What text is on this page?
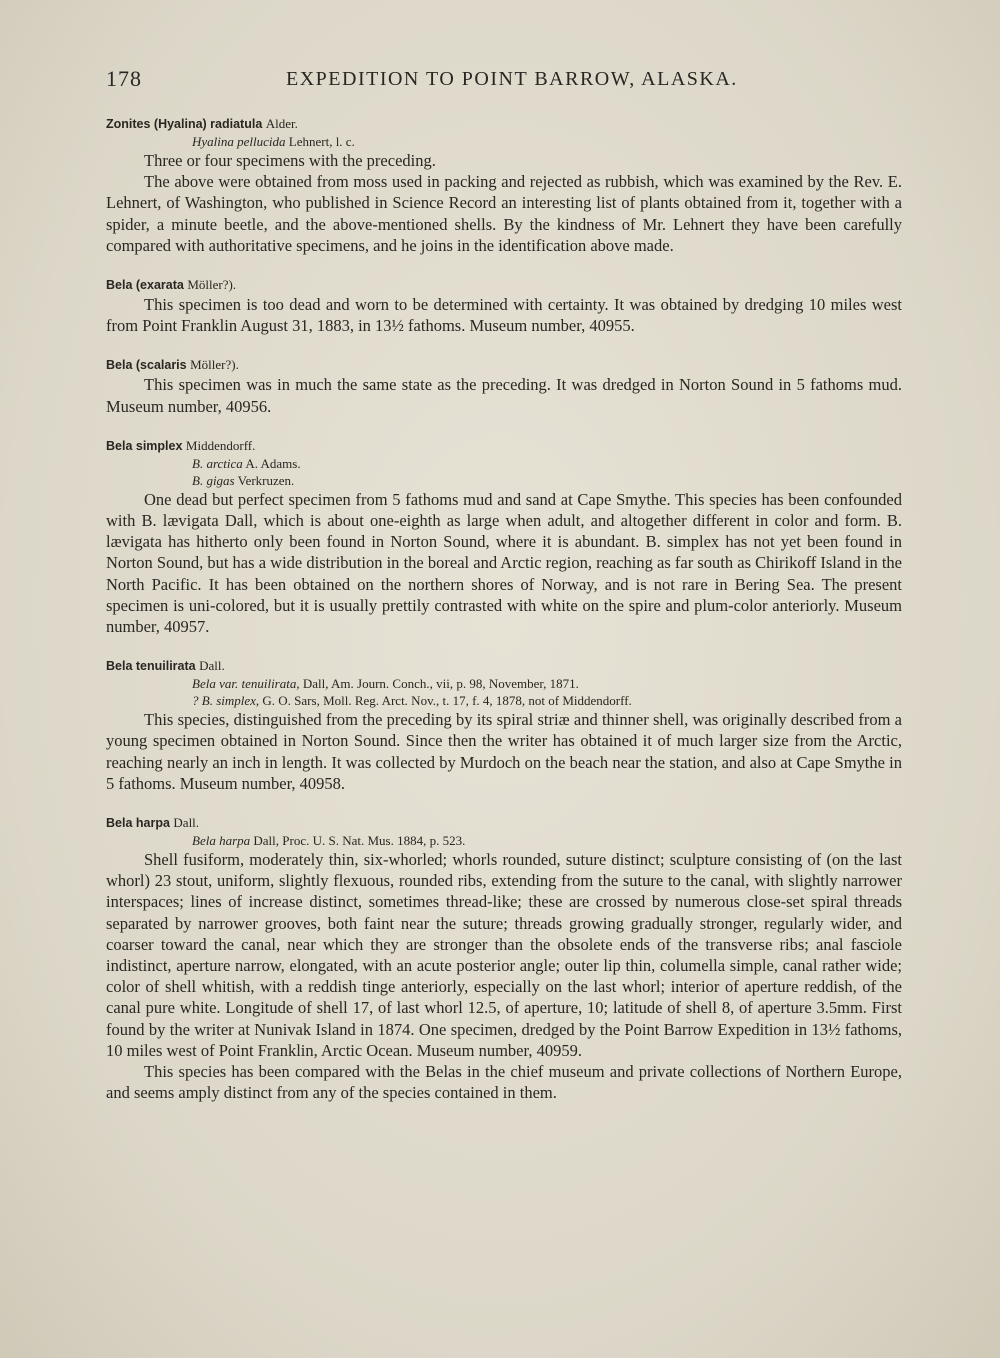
178	EXPEDITION TO POINT BARROW, ALASKA.
Zonites (Hyalina) radiatula Alder.
Hyalina pellucida Lehnert, l. c.

Three or four specimens with the preceding.

The above were obtained from moss used in packing and rejected as rubbish, which was examined by the Rev. E. Lehnert, of Washington, who published in Science Record an interesting list of plants obtained from it, together with a spider, a minute beetle, and the above-mentioned shells. By the kindness of Mr. Lehnert they have been carefully compared with authoritative specimens, and he joins in the identification above made.

Bela (exarata Möller?).

This specimen is too dead and worn to be determined with certainty. It was obtained by dredging 10 miles west from Point Franklin August 31, 1883, in 13½ fathoms. Museum number, 40955.

Bela (scalaris Möller?).

This specimen was in much the same state as the preceding. It was dredged in Norton Sound in 5 fathoms mud. Museum number, 40956.

Bela simplex Middendorff.
B. arctica A. Adams.
B. gigas Verkruzen.

One dead but perfect specimen from 5 fathoms mud and sand at Cape Smythe. This species has been confounded with B. lævigata Dall, which is about one-eighth as large when adult, and altogether different in color and form. B. lævigata has hitherto only been found in Norton Sound, where it is abundant. B. simplex has not yet been found in Norton Sound, but has a wide distribution in the boreal and Arctic region, reaching as far south as Chirikoff Island in the North Pacific. It has been obtained on the northern shores of Norway, and is not rare in Bering Sea. The present specimen is uni-colored, but it is usually prettily contrasted with white on the spire and plum-color anteriorly. Museum number, 40957.

Bela tenuilirata Dall.
Bela var. tenuilirata, Dall, Am. Journ. Conch., vii, p. 98, November, 1871.
? B. simplex, G. O. Sars, Moll. Reg. Arct. Nov., t. 17, f. 4, 1878, not of Middendorff.

This species, distinguished from the preceding by its spiral striæ and thinner shell, was originally described from a young specimen obtained in Norton Sound. Since then the writer has obtained it of much larger size from the Arctic, reaching nearly an inch in length. It was collected by Murdoch on the beach near the station, and also at Cape Smythe in 5 fathoms. Museum number, 40958.

Bela harpa Dall.
Bela harpa Dall, Proc. U. S. Nat. Mus. 1884, p. 523.

Shell fusiform, moderately thin, six-whorled; whorls rounded, suture distinct; sculpture consisting of (on the last whorl) 23 stout, uniform, slightly flexuous, rounded ribs, extending from the suture to the canal, with slightly narrower interspaces; lines of increase distinct, sometimes thread-like; these are crossed by numerous close-set spiral threads separated by narrower grooves, both faint near the suture; threads growing gradually stronger, regularly wider, and coarser toward the canal, near which they are stronger than the obsolete ends of the transverse ribs; anal fasciole indistinct, aperture narrow, elongated, with an acute posterior angle; outer lip thin, columella simple, canal rather wide; color of shell whitish, with a reddish tinge anteriorly, especially on the last whorl; interior of aperture reddish, of the canal pure white. Longitude of shell 17, of last whorl 12.5, of aperture, 10; latitude of shell 8, of aperture 3.5mm. First found by the writer at Nunivak Island in 1874. One specimen, dredged by the Point Barrow Expedition in 13½ fathoms, 10 miles west of Point Franklin, Arctic Ocean. Museum number, 40959.

This species has been compared with the Belas in the chief museum and private collections of Northern Europe, and seems amply distinct from any of the species contained in them.
